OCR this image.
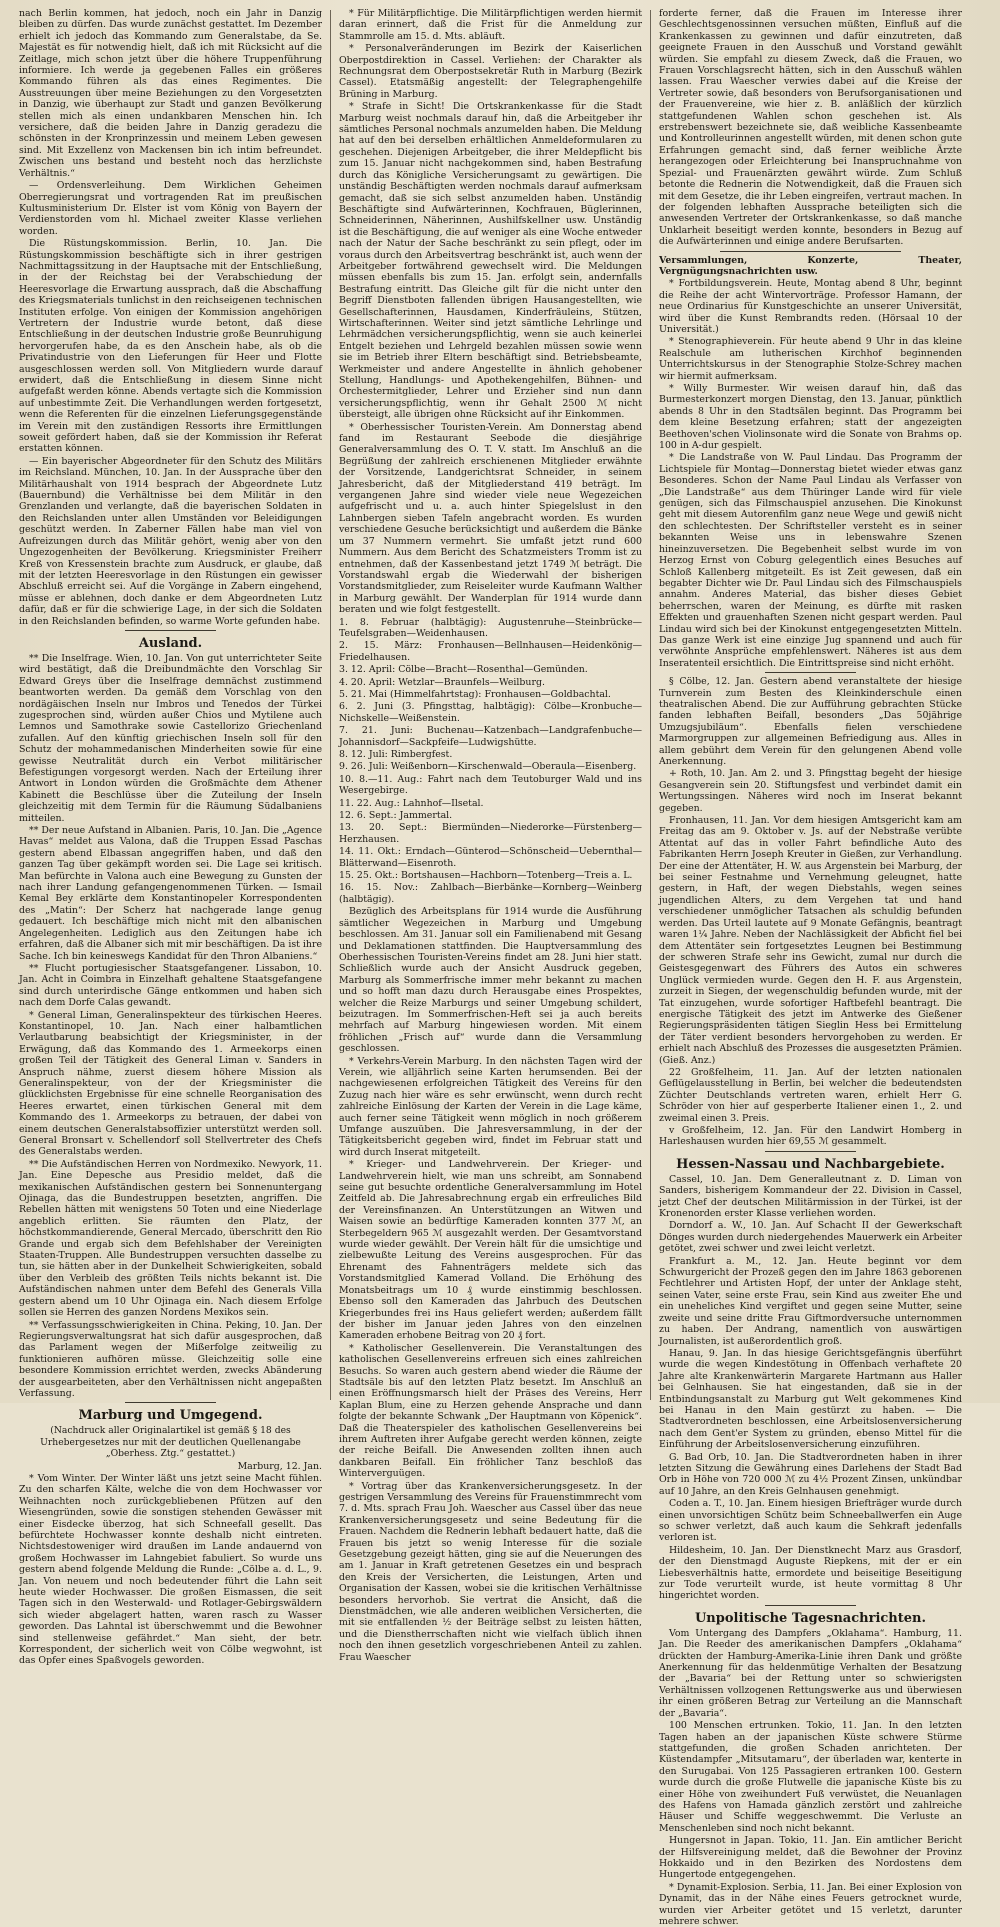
nach Berlin kommen, hat jedoch, noch ein Jahr in Danzig bleiben zu dürfen. Das wurde zunächst gestattet. Im Dezember erhielt ich jedoch das Kommando zum Generalstabe, da Se. Majestät es für notwendig hielt, daß ich mit Rücksicht auf die Zeitlage, mich schon jetzt über die höhere Truppenführung informiere. Ich werde ja gegebenen Falles ein größeres Kommando führen als das eines Regimentes. Die Ausstreuungen über meine Beziehungen zu den Vorgesetzten in Danzig, wie überhaupt zur Stadt und ganzen Bevölkerung stellen mich als einen undankbaren Menschen hin. Ich versichere, daß die beiden Jahre in Danzig geradezu die schönsten in der Kronprinzessin und meinem Leben gewesen sind. Mit Exzellenz von Mackensen bin ich intim befreundet. Zwischen uns bestand und besteht noch das herzlichste Verhältnis.“

— Ordensverleihung. Dem Wirklichen Geheimen Oberregierungsrat und vortragenden Rat im preußischen Kultusministerium Dr. Elster ist vom König von Bayern der Verdienstorden vom hl. Michael zweiter Klasse verliehen worden.

Die Rüstungskommission. Berlin, 10. Jan. Die Rüstungskommission beschäftigte sich in ihrer gestrigen Nachmittagssitzung in der Hauptsache mit der Entschließung, in der der Reichstag bei der Verabschiedung der Heeresvorlage die Erwartung aussprach, daß die Abschaffung des Kriegsmaterials tunlichst in den reichseigenen technischen Instituten erfolge. Von einigen der Kommission angehörigen Vertretern der Industrie wurde betont, daß diese Entschließung in der deutschen Industrie große Beunruhigung hervorgerufen habe, da es den Anschein habe, als ob die Privatindustrie von den Lieferungen für Heer und Flotte ausgeschlossen werden soll. Von Mitgliedern wurde darauf erwidert, daß die Entschließung in diesem Sinne nicht aufgefaßt werden könne. Abends vertagte sich die Kommission auf unbestimmte Zeit. Die Verhandlungen werden fortgesetzt, wenn die Referenten für die einzelnen Lieferungsgegenstände im Verein mit den zuständigen Ressorts ihre Ermittlungen soweit gefördert haben, daß sie der Kommission ihr Referat erstatten können.

— Ein bayerischer Abgeordneter für den Schutz des Militärs im Reichsland. München, 10. Jan. In der Aussprache über den Militärhaushalt von 1914 besprach der Abgeordnete Lutz (Bauernbund) die Verhältnisse bei dem Militär in den Grenzlanden und verlangte, daß die bayerischen Soldaten in den Reichslanden unter allen Umständen vor Beleidigungen geschützt werden. In Zaberner Fällen habe man viel von Aufreizungen durch das Militär gehört, wenig aber von den Ungezogenheiten der Bevölkerung. Kriegsminister Freiherr Kreß von Kressenstein brachte zum Ausdruck, er glaube, daß mit der letzten Heeresvorlage in den Rüstungen ein gewisser Abschluß erreicht sei. Auf die Vorgänge in Zabern eingehend, müsse er ablehnen, doch danke er dem Abgeordneten Lutz dafür, daß er für die schwierige Lage, in der sich die Soldaten in den Reichslanden befinden, so warme Worte gefunden habe.

Ausland.

** Die Inselfrage. Wien, 10. Jan. Von gut unterrichteter Seite wird bestätigt, daß die Dreibundmächte den Vorschlag Sir Edward Greys über die Inselfrage demnächst zustimmend beantworten werden. Da gemäß dem Vorschlag von den nordägäischen Inseln nur Imbros und Tenedos der Türkei zugesprochen sind, würden außer Chios und Mytilene auch Lemnos und Samothrake sowie Castellorizo Griechenland zufallen. Auf den künftig griechischen Inseln soll für den Schutz der mohammedanischen Minderheiten sowie für eine gewisse Neutralität durch ein Verbot militärischer Befestigungen vorgesorgt werden. Nach der Erteilung ihrer Antwort in London würden die Großmächte dem Athener Kabinett die Beschlüsse über die Zuteilung der Inseln gleichzeitig mit dem Termin für die Räumung Südalbaniens mitteilen.

** Der neue Aufstand in Albanien. Paris, 10. Jan. Die „Agence Havas“ meldet aus Valona, daß die Truppen Essad Paschas gestern abend Elbassan angegriffen haben, und daß den ganzen Tag über gekämpft worden sei. Die Lage sei kritisch. Man befürchte in Valona auch eine Bewegung zu Gunsten der nach ihrer Landung gefangengenommenen Türken. — Ismail Kemal Bey erklärte dem Konstantinopeler Korrespondenten des „Matin“: Der Scherz hat nachgerade lange genug gedauert. Ich beschäftige mich nicht mit den albanischen Angelegenheiten. Lediglich aus den Zeitungen habe ich erfahren, daß die Albaner sich mit mir beschäftigen. Da ist ihre Sache. Ich bin keineswegs Kandidat für den Thron Albaniens.“

** Flucht portugiesischer Staatsgefangener. Lissabon, 10. Jan. Acht in Coimbra in Einzelhaft gehaltene Staatsgefangene sind durch unterirdische Gänge entkommen und haben sich nach dem Dorfe Calas gewandt.

* General Liman, Generalinspekteur des türkischen Heeres. Konstantinopel, 10. Jan. Nach einer halbamtlichen Verlautbarung beabsichtigt der Kriegsminister, in der Erwägung, daß das Kommando des 1. Armeekorps einen großen Teil der Tätigkeit des General Liman v. Sanders in Anspruch nähme, zuerst diesem höhere Mission als Generalinspekteur, von der der Kriegsminister die glücklichsten Ergebnisse für eine schnelle Reorganisation des Heeres erwartet, einen türkischen General mit dem Kommando des 1. Armeekorps zu betrauen, der dabei von einem deutschen Generalstabsoffizier unterstützt werden soll. General Bronsart v. Schellendorf soll Stellvertreter des Chefs des Generalstabs werden.

** Die Aufständischen Herren von Nordmexiko. Newyork, 11. Jan. Eine Depesche aus Presidio meldet, daß die mexikanischen Aufständischen gestern bei Sonnenuntergang Ojinaga, das die Bundestruppen besetzten, angriffen. Die Rebellen hätten mit wenigstens 50 Toten und eine Niederlage angeblich erlitten. Sie räumten den Platz, der höchstkommandierende, General Mercado, überschritt den Rio Grande und ergab sich dem Befehlshaber der Vereinigten Staaten-Truppen. Alle Bundestruppen versuchten dasselbe zu tun, sie hätten aber in der Dunkelheit Schwierigkeiten, sobald über den Verbleib des größten Teils nichts bekannt ist. Die Aufständischen nahmen unter dem Befehl des Generals Villa gestern abend um 10 Uhr Ojinaga ein. Nach diesem Erfolge sollen sie Herren des ganzen Nordens Mexikos sein.

** Verfassungsschwierigkeiten in China. Peking, 10. Jan. Der Regierungsverwaltungsrat hat sich dafür ausgesprochen, daß das Parlament wegen der Mißerfolge zeitweilig zu funktionieren aufhören müsse. Gleichzeitig solle eine besondere Kommission errichtet werden, zwecks Abänderung der ausgearbeiteten, aber den Verhältnissen nicht angepaßten Verfassung.

Marburg und Umgegend.
(Nachdruck aller Originalartikel ist gemäß § 18 des Urhebergesetzes nur mit der deutlichen Quellenangabe „Oberhess. Ztg.“ gestattet.)
Marburg, 12. Jan.

* Vom Winter. Der Winter läßt uns jetzt seine Macht fühlen. Zu den scharfen Kälte, welche die von dem Hochwasser vor Weihnachten noch zurückgebliebenen Pfützen auf den Wiesengründen, sowie die sonstigen stehenden Gewässer mit einer Eisdecke überzog, hat sich Schneefall gesellt. Das befürchtete Hochwasser konnte deshalb nicht eintreten. Nichtsdestoweniger wird draußen im Lande andauernd von großem Hochwasser im Lahngebiet fabuliert. So wurde uns gestern abend folgende Meldung die Runde: „Cölbe a. d. L., 9. Jan. Von neuem und noch bedeutender führt die Lahn seit heute wieder Hochwasser. Die großen Eismassen, die seit Tagen sich in den Westerwald- und Rotlager-Gebirgswäldern sich wieder abgelagert hatten, waren rasch zu Wasser geworden. Das Lahntal ist überschwemmt und die Bewohner sind stellenweise gefährdet.“ Man sieht, der betr. Korrespondent, der sicherlich weit von Cölbe wegwohnt, ist das Opfer eines Spaßvogels geworden.

* Für Militärpflichtige. Die Militärpflichtigen werden hiermit daran erinnert, daß die Frist für die Anmeldung zur Stammrolle am 15. d. Mts. abläuft.

* Personalveränderungen im Bezirk der Kaiserlichen Oberpostdirektion in Cassel. Verliehen: der Charakter als Rechnungsrat dem Oberpostsekretär Ruth in Marburg (Bezirk Cassel). Etatsmäßig angestellt: der Telegraphengehilfe Brüning in Marburg.

* Strafe in Sicht! Die Ortskrankenkasse für die Stadt Marburg weist nochmals darauf hin, daß die Arbeitgeber ihr sämtliches Personal nochmals anzumelden haben. Die Meldung hat auf den bei derselben erhältlichen Anmeldeformularen zu geschehen. Diejenigen Arbeitgeber, die ihrer Meldepflicht bis zum 15. Januar nicht nachgekommen sind, haben Bestrafung durch das Königliche Versicherungsamt zu gewärtigen. Die unständig Beschäftigten werden nochmals darauf aufmerksam gemacht, daß sie sich selbst anzumelden haben. Unständig Beschäftigte sind Aufwärterinnen, Kochfrauen, Büglerinnen, Schneiderinnen, Näherinnen, Aushilfskellner usw. Unständig ist die Beschäftigung, die auf weniger als eine Woche entweder nach der Natur der Sache beschränkt zu sein pflegt, oder im voraus durch den Arbeitsvertrag beschränkt ist, auch wenn der Arbeitgeber fortwährend gewechselt wird. Die Meldungen müssen ebenfalls bis zum 15. Jan. erfolgt sein, andernfalls Bestrafung eintritt. Das Gleiche gilt für die nicht unter den Begriff Dienstboten fallenden übrigen Hausangestellten, wie Gesellschafterinnen, Hausdamen, Kinderfräuleins, Stützen, Wirtschafterinnen. Weiter sind jetzt sämtliche Lehrlinge und Lehrmädchen versicherungspflichtig, wenn sie auch keinerlei Entgelt beziehen und Lehrgeld bezahlen müssen sowie wenn sie im Betrieb ihrer Eltern beschäftigt sind. Betriebsbeamte, Werkmeister und andere Angestellte in ähnlich gehobener Stellung, Handlungs- und Apothekengehilfen, Bühnen- und Orchestermitglieder, Lehrer und Erzieher sind nun dann versicherungspflichtig, wenn ihr Gehalt 2500 ℳ nicht übersteigt, alle übrigen ohne Rücksicht auf ihr Einkommen.

* Oberhessischer Touristen-Verein. Am Donnerstag abend fand im Restaurant Seebode die diesjährige Generalversammlung des O. T. V. statt. Im Anschluß an die Begrüßung der zahlreich erschienenen Mitglieder erwähnte der Vorsitzende, Landgerichtsrat Schneider, in seinem Jahresbericht, daß der Mitgliederstand 419 beträgt. Im vergangenen Jahre sind wieder viele neue Wegezeichen aufgefrischt und u. a. auch hinter Spiegelslust in den Lahnbergen sieben Tafeln angebracht worden. Es wurden verschiedene Gesuche berücksichtigt und außerdem die Bänke um 37 Nummern vermehrt. Sie umfaßt jetzt rund 600 Nummern. Aus dem Bericht des Schatzmeisters Tromm ist zu entnehmen, daß der Kassenbestand jetzt 1749 ℳ beträgt. Die Vorstandswahl ergab die Wiederwahl der bisherigen Vorstandsmitglieder, zum Reiseleiter wurde Kaufmann Walther in Marburg gewählt. Der Wanderplan für 1914 wurde dann beraten und wie folgt festgestellt.

1. 8. Februar (halbtägig): Augustenruhe—Steinbrücke—Teufelsgraben—Weidenhausen.

2. 15. März: Fronhausen—Bellnhausen—Heidenkönig—Friedelhausen.

3. 12. April: Cölbe—Bracht—Rosenthal—Gemünden.

4. 20. April: Wetzlar—Braunfels—Weilburg.

5. 21. Mai (Himmelfahrtstag): Fronhausen—Goldbachtal.

6. 2. Juni (3. Pfingsttag, halbtägig): Cölbe—Kronbuche—Nichskelle—Weißenstein.

7. 21. Juni: Buchenau—Katzenbach—Landgrafenbuche—Johannisdorf—Sackpfeife—Ludwigshütte.

8. 12. Juli: Rimbergfest.

9. 26. Juli: Weißenborn—Kirschenwald—Oberaula—Eisenberg.

10. 8.—11. Aug.: Fahrt nach dem Teutoburger Wald und ins Wesergebirge.

11. 22. Aug.: Lahnhof—Ilsetal.

12. 6. Sept.: Jammertal.

13. 20. Sept.: Biermünden—Niederorke—Fürstenberg—Herzhausen.

14. 11. Okt.: Erndach—Günterod—Schönscheid—Uebernthal—Blätterwand—Eisenroth.

15. 25. Okt.: Bortshausen—Hachborn—Totenberg—Treis a. L.

16. 15. Nov.: Zahlbach—Bierbänke—Kornberg—Weinberg (halbtägig).

Bezüglich des Arbeitsplans für 1914 wurde die Ausführung sämtlicher Wegezeichen in Marburg und Umgebung beschlossen. Am 31. Januar soll ein Familienabend mit Gesang und Deklamationen stattfinden. Die Hauptversammlung des Oberhessischen Touristen-Vereins findet am 28. Juni hier statt. Schließlich wurde auch der Ansicht Ausdruck gegeben, Marburg als Sommerfrische immer mehr bekannt zu machen und so hofft man dazu durch Herausgabe eines Prospektes, welcher die Reize Marburgs und seiner Umgebung schildert, beizutragen. Im Sommerfrischen-Heft sei ja auch bereits mehrfach auf Marburg hingewiesen worden. Mit einem fröhlichen „Frisch auf“ wurde dann die Versammlung geschlossen.

* Verkehrs-Verein Marburg. In den nächsten Tagen wird der Verein, wie alljährlich seine Karten herumsenden. Bei der nachgewiesenen erfolgreichen Tätigkeit des Vereins für den Zuzug nach hier wäre es sehr erwünscht, wenn durch recht zahlreiche Einlösung der Karten der Verein in die Lage käme, auch ferner seine Tätigkeit wenn möglich in noch größerem Umfange auszuüben. Die Jahresversammlung, in der der Tätigkeitsbericht gegeben wird, findet im Februar statt und wird durch Inserat mitgeteilt.

* Krieger- und Landwehrverein. Der Krieger- und Landwehrverein hielt, wie man uns schreibt, am Sonnabend seine gut besuchte ordentliche Generalversammlung im Hotel Zeitfeld ab. Die Jahresabrechnung ergab ein erfreuliches Bild der Vereinsfinanzen. An Unterstützungen an Witwen und Waisen sowie an bedürftige Kameraden konnten 377 ℳ, an Sterbegeldern 965 ℳ ausgezahlt werden. Der Gesamtvorstand wurde wieder gewählt. Der Verein hält für die umsichtige und zielbewußte Leitung des Vereins ausgesprochen. Für das Ehrenamt des Fahnenträgers meldete sich das Vorstandsmitglied Kamerad Volland. Die Erhöhung des Monatsbeitrags um 10 ₰ wurde einstimmig beschlossen. Ebenso soll den Kameraden das Jahrbuch des Deutschen Kriegerbundes frei ins Haus geliefert werden; außerdem fällt der bisher im Januar jeden Jahres von den einzelnen Kameraden erhobene Beitrag von 20 ₰ fort.

* Katholischer Gesellenverein. Die Veranstaltungen des katholischen Gesellenvereins erfreuen sich eines zahlreichen Besuchs. So waren auch gestern abend wieder die Räume der Stadtsäle bis auf den letzten Platz besetzt. Im Anschluß an einen Eröffnungsmarsch hielt der Präses des Vereins, Herr Kaplan Blum, eine zu Herzen gehende Ansprache und dann folgte der bekannte Schwank „Der Hauptmann von Köpenick“. Daß die Theaterspieler des katholischen Gesellenvereins bei ihrem Auftreten ihrer Aufgabe gerecht werden können, zeigte der reiche Beifall. Die Anwesenden zollten ihnen auch dankbaren Beifall. Ein fröhlicher Tanz beschloß das Winterverguügen.

* Vortrag über das Krankenversicherungsgesetz. In der gestrigen Versammlung des Vereins für Frauenstimmrecht vom 7. d. Mts. sprach Frau Joh. Waescher aus Cassel über das neue Krankenversicherungsgesetz und seine Bedeutung für die Frauen. Nachdem die Rednerin lebhaft bedauert hatte, daß die Frauen bis jetzt so wenig Interesse für die soziale Gesetzgebung gezeigt hätten, ging sie auf die Neuerungen des am 1. Januar in Kraft getretenen Gesetzes ein und besprach den Kreis der Versicherten, die Leistungen, Arten und Organisation der Kassen, wobei sie die kritischen Verhältnisse besonders hervorhob. Sie vertrat die Ansicht, daß die Dienstmädchen, wie alle anderen weiblichen Versicherten, die mit sie entfallenden ½ der Beiträge selbst zu leisten hätten, und die Dienstherrschaften nicht wie vielfach üblich ihnen noch den ihnen gesetzlich vorgeschriebenen Anteil zu zahlen. Frau Waescher

forderte ferner, daß die Frauen im Interesse ihrer Geschlechtsgenossinnen versuchen müßten, Einfluß auf die Krankenkassen zu gewinnen und dafür einzutreten, daß geeignete Frauen in den Ausschuß und Vorstand gewählt würden. Sie empfahl zu diesem Zweck, daß die Frauen, wo Frauen Vorschlagsrecht hätten, sich in den Ausschuß wählen lassen. Frau Waescher verwies dabei auf die Kreise der Vertreter sowie, daß besonders von Berufsorganisationen und der Frauenvereine, wie hier z. B. anläßlich der kürzlich stattgefundenen Wahlen schon geschehen ist. Als erstrebenswert bezeichnete sie, daß weibliche Kassenbeamte und Kontrolleurinnen angestellt würden, mit denen schon gute Erfahrungen gemacht sind, daß ferner weibliche Ärzte herangezogen oder Erleichterung bei Inanspruchnahme von Spezial- und Frauenärzten gewährt würde. Zum Schluß betonte die Rednerin die Notwendigkeit, daß die Frauen sich mit dem Gesetze, die ihr Leben eingreifen, vertraut machen. In der folgenden lebhaften Aussprache beteiligten sich die anwesenden Vertreter der Ortskrankenkasse, so daß manche Unklarheit beseitigt werden konnte, besonders in Bezug auf die Aufwärterinnen und einige andere Berufsarten.

Versammlungen, Konzerte, Theater, Vergnügungsnachrichten usw.

* Fortbildungsverein. Heute, Montag abend 8 Uhr, beginnt die Reihe der acht Wintervorträge. Professor Hamann, der neue Ordinarius für Kunstgeschichte an unserer Universität, wird über die Kunst Rembrandts reden. (Hörsaal 10 der Universität.)

* Stenographieverein. Für heute abend 9 Uhr in das kleine Realschule am lutherischen Kirchhof beginnenden Unterrichtskursus in der Stenographie Stolze-Schrey machen wir hiermit aufmerksam.

* Willy Burmester. Wir weisen darauf hin, daß das Burmesterkonzert morgen Dienstag, den 13. Januar, pünktlich abends 8 Uhr in den Stadtsälen beginnt. Das Programm bei dem kleine Besetzung erfahren; statt der angezeigten Beethoven'schen Violinsonate wird die Sonate von Brahms op. 100 in A-dur gespielt.

* Die Landstraße von W. Paul Lindau. Das Programm der Lichtspiele für Montag—Donnerstag bietet wieder etwas ganz Besonderes. Schon der Name Paul Lindau als Verfasser von „Die Landstraße“ aus dem Thüringer Lande wird für viele genügen, sich das Filmschauspiel anzusehen. Die Kinokunst geht mit diesem Autorenfilm ganz neue Wege und gewiß nicht den schlechtesten. Der Schriftsteller versteht es in seiner bekannten Weise uns in lebenswahre Szenen hineinzuversetzen. Die Begebenheit selbst wurde im von Herzog Ernst von Coburg gelegentlich eines Besuches auf Schloß Kallenberg mitgeteilt. Es ist Zeit gewesen, daß ein begabter Dichter wie Dr. Paul Lindau sich des Filmschauspiels annahm. Anderes Material, das bisher dieses Gebiet beherrschen, waren der Meinung, es dürfte mit rasken Effekten und grauenhaften Szenen nicht gespart werden. Paul Lindau wird sich bei der Kinokunst entgegengesetzten Mitteln. Das ganze Werk ist eine einzige Jug spannend und auch für verwöhnte Ansprüche empfehlenswert. Näheres ist aus dem Inseratenteil ersichtlich. Die Eintrittspreise sind nicht erhöht.

§ Cölbe, 12. Jan. Gestern abend veranstaltete der hiesige Turnverein zum Besten des Kleinkinderschule einen theatralischen Abend. Die zur Aufführung gebrachten Stücke fanden lebhaften Beifall, besonders „Das 50jährige Umzugsjubiläum“. Ebenfalls fielen verschiedene Marmorgruppen zur allgemeinen Befriedigung aus. Alles in allem gebührt dem Verein für den gelungenen Abend volle Anerkennung.

+ Roth, 10. Jan. Am 2. und 3. Pfingsttag begeht der hiesige Gesangverein sein 20. Stiftungsfest und verbindet damit ein Wertungssingen. Näheres wird noch im Inserat bekannt gegeben.

Fronhausen, 11. Jan. Vor dem hiesigen Amtsgericht kam am Freitag das am 9. Oktober v. Js. auf der Nebstraße verübte Attentat auf das in voller Fahrt befindliche Auto des Fabrikanten Herrn Joseph Kreuter in Gießen, zur Verhandlung. Der eine der Attentäter, H. W. aus Argenstein bei Marburg, der bei seiner Festnahme und Vernehmung geleugnet, hatte gestern, in Haft, der wegen Diebstahls, wegen seines jugendlichen Alters, zu dem Vergehen tat und hand verschiedener unmöglicher Tatsachen als schuldig befunden werden. Das Urteil lautete auf 9 Monate Gefängnis, beantragt waren 1¼ Jahre. Neben der Nachlässigkeit der Abficht fiel bei dem Attentäter sein fortgesetztes Leugnen bei Bestimmung der schweren Strafe sehr ins Gewicht, zumal nur durch die Geistesgegenwart des Führers des Autos ein schweres Unglück vermieden wurde. Gegen den H. F. aus Argenstein, zurzeit in Siegen, der wegenschuldig befunden wurde, mit der Tat einzugehen, wurde sofortiger Haftbefehl beantragt. Die energische Tätigkeit des jetzt im Antwerke des Gießener Regierungspräsidenten tätigen Sieglin Hess bei Ermittelung der Täter verdient besonders hervorgehoben zu werden. Er erhielt nach Abschluß des Prozesses die ausgesetzten Prämien. (Gieß. Anz.)

22 Großfelheim, 11. Jan. Auf der letzten nationalen Geflügelausstellung in Berlin, bei welcher die bedeutendsten Züchter Deutschlands vertreten waren, erhielt Herr G. Schröder von hier auf gesperberte Italiener einen 1., 2. und zweimal einen 3. Preis.

v Großfelheim, 12. Jan. Für den Landwirt Homberg in Harleshausen wurden hier 69,55 ℳ gesammelt.

Hessen-Nassau und Nachbargebiete.

Cassel, 10. Jan. Dem Generalleutnant z. D. Liman von Sanders, bisherigem Kommandeur der 22. Division in Cassel, jetzt Chef der deutschen Militärmission in der Türkei, ist der Kronenorden erster Klasse verliehen worden.

Dorndorf a. W., 10. Jan. Auf Schacht II der Gewerkschaft Dönges wurden durch niedergehendes Mauerwerk ein Arbeiter getötet, zwei schwer und zwei leicht verletzt.

Frankfurt a. M., 12. Jan. Heute beginnt vor dem Schwurgericht der Prozeß gegen den im Jahre 1863 geborenen Fechtlehrer und Artisten Hopf, der unter der Anklage steht, seinen Vater, seine erste Frau, sein Kind aus zweiter Ehe und ein uneheliches Kind vergiftet und gegen seine Mutter, seine zweite und seine dritte Frau Giftmordversuche unternommen zu haben. Der Andrang, namentlich von auswärtigen Journalisten, ist außerordentlich groß.

Hanau, 9. Jan. In das hiesige Gerichtsgefängnis überführt wurde die wegen Kindestötung in Offenbach verhaftete 20 Jahre alte Krankenwärterin Margarete Hartmann aus Haller bei Gelnhausen. Sie hat eingestanden, daß sie in der Entbindungsanstalt zu Marburg gut Welt gekommenes Kind bei Hanau in den Main gestürzt zu haben. — Die Stadtverordneten beschlossen, eine Arbeitslosenversicherung nach dem Gent'er System zu gründen, ebenso Mittel für die Einführung der Arbeitslosenversicherung einzuführen.

G. Bad Orb, 10. Jan. Die Stadtverordneten haben in ihrer letzten Sitzung die Gewährung eines Darlehens der Stadt Bad Orb in Höhe von 720 000 ℳ zu 4½ Prozent Zinsen, unkündbar auf 10 Jahre, an den Kreis Gelnhausen genehmigt.

Coden a. T., 10. Jan. Einem hiesigen Briefträger wurde durch einen unvorsichtigen Schütz beim Schneeballwerfen ein Auge so schwer verletzt, daß auch kaum die Sehkraft jedenfalls verloren ist.

Hildesheim, 10. Jan. Der Dienstknecht Marz aus Grasdorf, der den Dienstmagd Auguste Riepkens, mit der er ein Liebesverhältnis hatte, ermordete und beiseitige Beseitigung zur Tode verurteilt wurde, ist heute vormittag 8 Uhr hingerichtet worden.

Unpolitische Tagesnachrichten.

Vom Untergang des Dampfers „Oklahama“. Hamburg, 11. Jan. Die Reeder des amerikanischen Dampfers „Oklahama“ drückten der Hamburg-Amerika-Linie ihren Dank und größte Anerkennung für das heldenmütige Verhalten der Besatzung der „Bavaria“ bei der Rettung unter so schwierigsten Verhältnissen vollzogenen Rettungswerke aus und überwiesen ihr einen größeren Betrag zur Verteilung an die Mannschaft der „Bavaria“.

100 Menschen ertrunken. Tokio, 11. Jan. In den letzten Tagen haben an der japanischen Küste schwere Stürme stattgefunden, die großen Schaden anrichteten. Der Küstendampfer „Mitsutamaru“, der überladen war, kenterte in den Surugabai. Von 125 Passagieren ertranken 100. Gestern wurde durch die große Flutwelle die japanische Küste bis zu einer Höhe von zweihundert Fuß verwüstet, die Neuanlagen des Hafens von Hamada gänzlich zerstört und zahlreiche Häuser und Schiffe weggeschwemmt. Die Verluste an Menschenleben sind noch nicht bekannt.

Hungersnot in Japan. Tokio, 11. Jan. Ein amtlicher Bericht der Hilfsvereinigung meldet, daß die Bewohner der Provinz Hokkaido und in den Bezirken des Nordostens dem Hungertode entgegengehen.

* Dynamit-Explosion. Serbia, 11. Jan. Bei einer Explosion von Dynamit, das in der Nähe eines Feuers getrocknet wurde, wurden vier Arbeiter getötet und 15 verletzt, darunter mehrere schwer.
